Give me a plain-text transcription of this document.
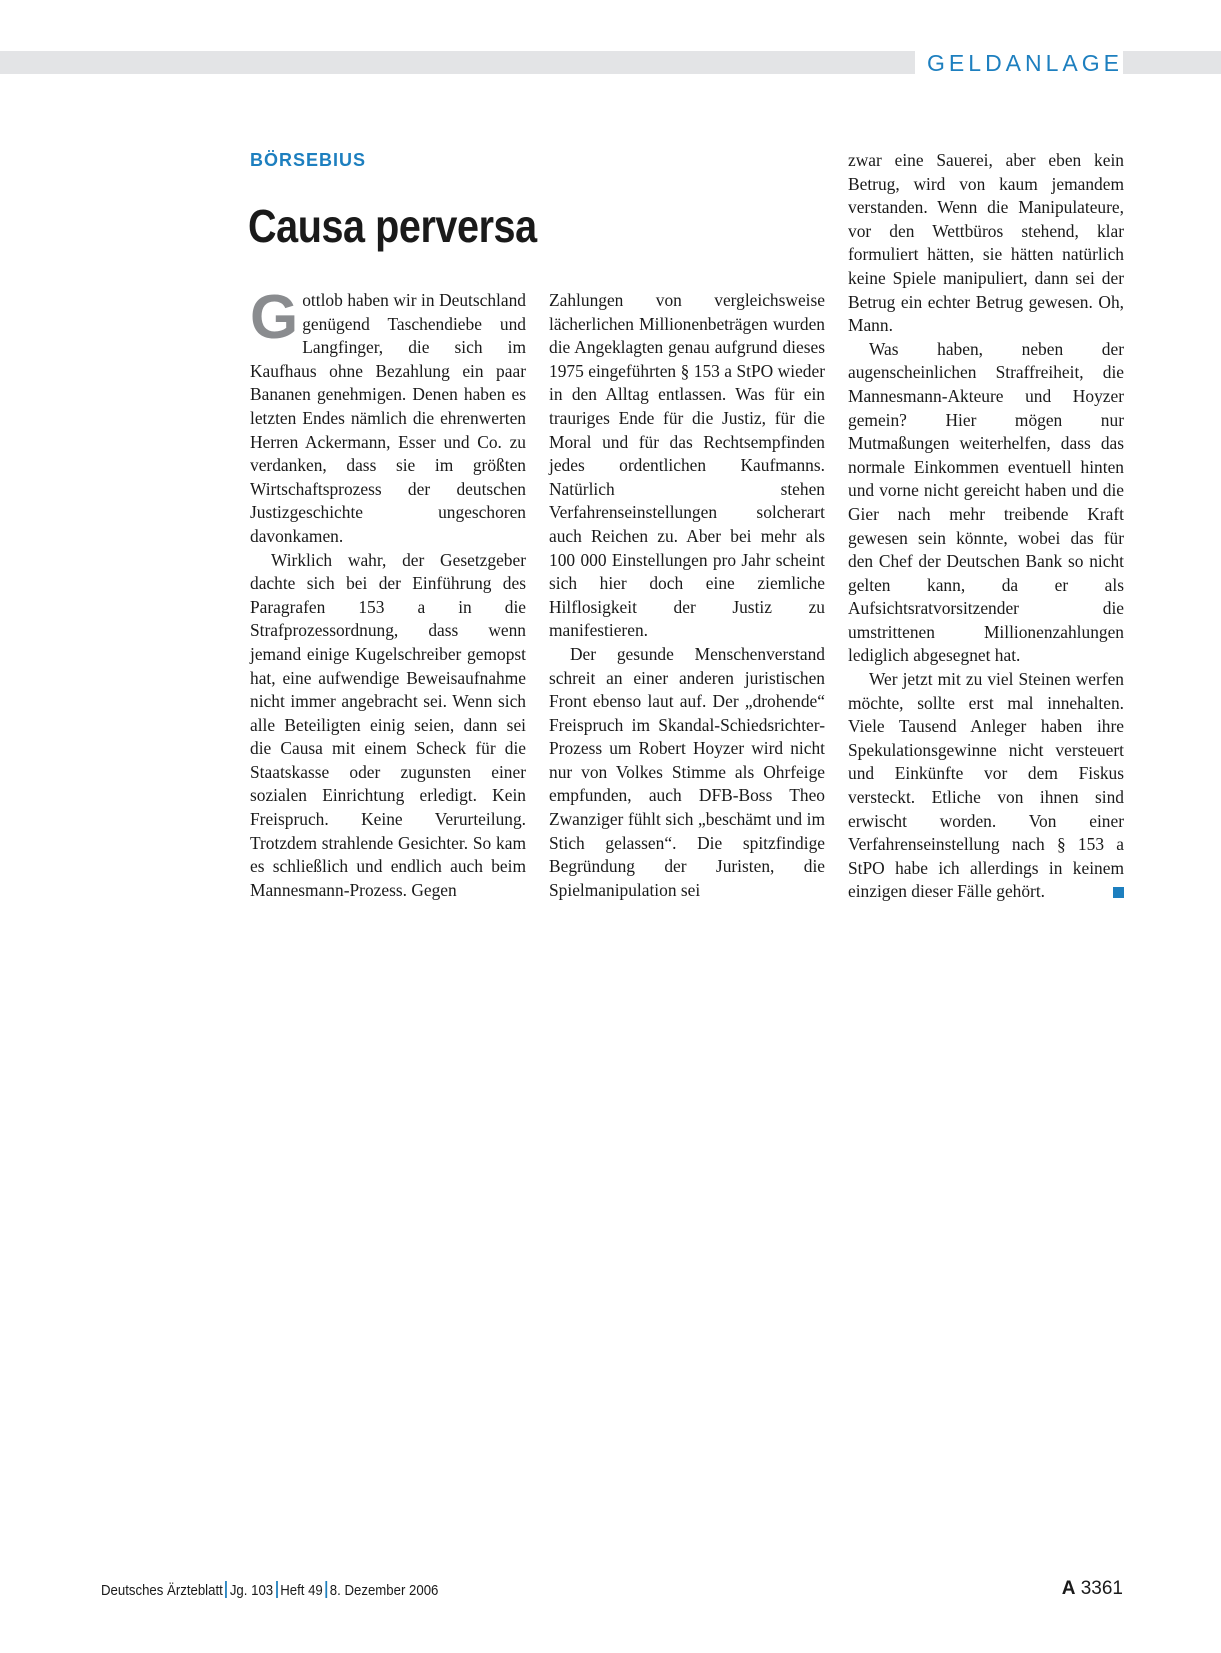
GELDANLAGE
BÖRSEBIUS
Causa perversa

Gottlob haben wir in Deutschland genügend Taschendiebe und Langfinger, die sich im Kaufhaus ohne Bezahlung ein paar Bananen genehmigen. Denen haben es letzten Endes nämlich die ehrenwerten Herren Ackermann, Esser und Co. zu verdanken, dass sie im größten Wirtschaftsprozess der deutschen Justizgeschichte ungeschoren davonkamen.

Wirklich wahr, der Gesetzgeber dachte sich bei der Einführung des Paragrafen 153 a in die Strafprozessordnung, dass wenn jemand einige Kugelschreiber gemopst hat, eine aufwendige Beweisaufnahme nicht immer angebracht sei. Wenn sich alle Beteiligten einig seien, dann sei die Causa mit einem Scheck für die Staatskasse oder zugunsten einer sozialen Einrichtung erledigt. Kein Freispruch. Keine Verurteilung. Trotzdem strahlende Gesichter. So kam es schließlich und endlich auch beim Mannesmann-Prozess. Gegen

Zahlungen von vergleichsweise lächerlichen Millionenbeträgen wurden die Angeklagten genau aufgrund dieses 1975 eingeführten § 153 a StPO wieder in den Alltag entlassen. Was für ein trauriges Ende für die Justiz, für die Moral und für das Rechtsempfinden jedes ordentlichen Kaufmanns. Natürlich stehen Verfahrenseinstellungen solcherart auch Reichen zu. Aber bei mehr als 100 000 Einstellungen pro Jahr scheint sich hier doch eine ziemliche Hilflosigkeit der Justiz zu manifestieren.

Der gesunde Menschenverstand schreit an einer anderen juristischen Front ebenso laut auf. Der „drohende“ Freispruch im Skandal-Schiedsrichter-Prozess um Robert Hoyzer wird nicht nur von Volkes Stimme als Ohrfeige empfunden, auch DFB-Boss Theo Zwanziger fühlt sich „beschämt und im Stich gelassen“. Die spitzfindige Begründung der Juristen, die Spielmanipulation sei

zwar eine Sauerei, aber eben kein Betrug, wird von kaum jemandem verstanden. Wenn die Manipulateure, vor den Wettbüros stehend, klar formuliert hätten, sie hätten natürlich keine Spiele manipuliert, dann sei der Betrug ein echter Betrug gewesen. Oh, Mann.

Was haben, neben der augenscheinlichen Straffreiheit, die Mannesmann-Akteure und Hoyzer gemein? Hier mögen nur Mutmaßungen weiterhelfen, dass das normale Einkommen eventuell hinten und vorne nicht gereicht haben und die Gier nach mehr treibende Kraft gewesen sein könnte, wobei das für den Chef der Deutschen Bank so nicht gelten kann, da er als Aufsichtsratvorsitzender die umstrittenen Millionenzahlungen lediglich abgesegnet hat.

Wer jetzt mit zu viel Steinen werfen möchte, sollte erst mal innehalten. Viele Tausend Anleger haben ihre Spekulationsgewinne nicht versteuert und Einkünfte vor dem Fiskus versteckt. Etliche von ihnen sind erwischt worden. Von einer Verfahrenseinstellung nach § 153 a StPO habe ich allerdings in keinem einzigen dieser Fälle gehört.

Deutsches Ärzteblatt Jg. 103 Heft 49 8. Dezember 2006	A 3361
